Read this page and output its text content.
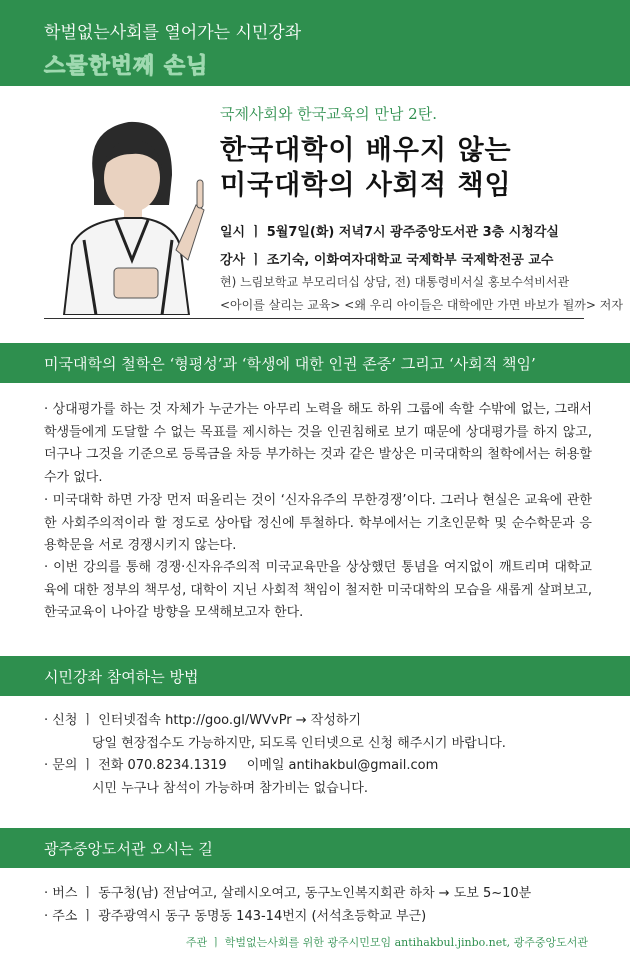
학벌없는사회를 열어가는 시민강좌
스물한번째 손님
국제사회와 한국교육의 만남 2탄.
한국대학이 배우지 않는
미국대학의 사회적 책임
일시 ㅣ 5월7일(화) 저녁7시 광주중앙도서관 3층 시청각실
강사 ㅣ 조기숙, 이화여자대학교 국제학부 국제학전공 교수
현) 느림보학교 부모리더십 상담, 전) 대통령비서실 홍보수석비서관
<아이를 살리는 교육> <왜 우리 아이들은 대학에만 가면 바보가 될까> 저자
미국대학의 철학은 ‘형평성’과 ‘학생에 대한 인권 존중’ 그리고 ‘사회적 책임’
· 상대평가를 하는 것 자체가 누군가는 아무리 노력을 해도 하위 그룹에 속할 수밖에 없는, 그래서 학생들에게 도달할 수 없는 목표를 제시하는 것을 인권침해로 보기 때문에 상대평가를 하지 않고, 더구나 그것을 기준으로 등록금을 차등 부가하는 것과 같은 발상은 미국대학의 철학에서는 허용할 수가 없다.
· 미국대학 하면 가장 먼저 떠올리는 것이 ‘신자유주의 무한경쟁’이다. 그러나 현실은 교육에 관한한 사회주의적이라 할 정도로 상아탑 정신에 투철하다. 학부에서는 기초인문학 및 순수학문과 응용학문을 서로 경쟁시키지 않는다.
· 이번 강의를 통해 경쟁·신자유주의적 미국교육만을 상상했던 통념을 여지없이 깨트리며 대학교육에 대한 정부의 책무성, 대학이 지닌 사회적 책임이 철저한 미국대학의 모습을 새롭게 살펴보고, 한국교육이 나아갈 방향을 모색해보고자 한다.
시민강좌 참여하는 방법
· 신청 ㅣ 인터넷접속 http://goo.gl/WVvPr → 작성하기
당일 현장접수도 가능하지만, 되도록 인터넷으로 신청 해주시기 바랍니다.
· 문의 ㅣ 전화 070.8234.1319 이메일 antihakbul@gmail.com
시민 누구나 참석이 가능하며 참가비는 없습니다.
광주중앙도서관 오시는 길
· 버스 ㅣ 동구청(남) 전남여고, 살레시오여고, 동구노인복지회관 하차 → 도보 5~10분
· 주소 ㅣ 광주광역시 동구 동명동 143-14번지 (서석초등학교 부근)
주관 ㅣ 학벌없는사회를 위한 광주시민모임 antihakbul.jinbo.net, 광주중앙도서관
